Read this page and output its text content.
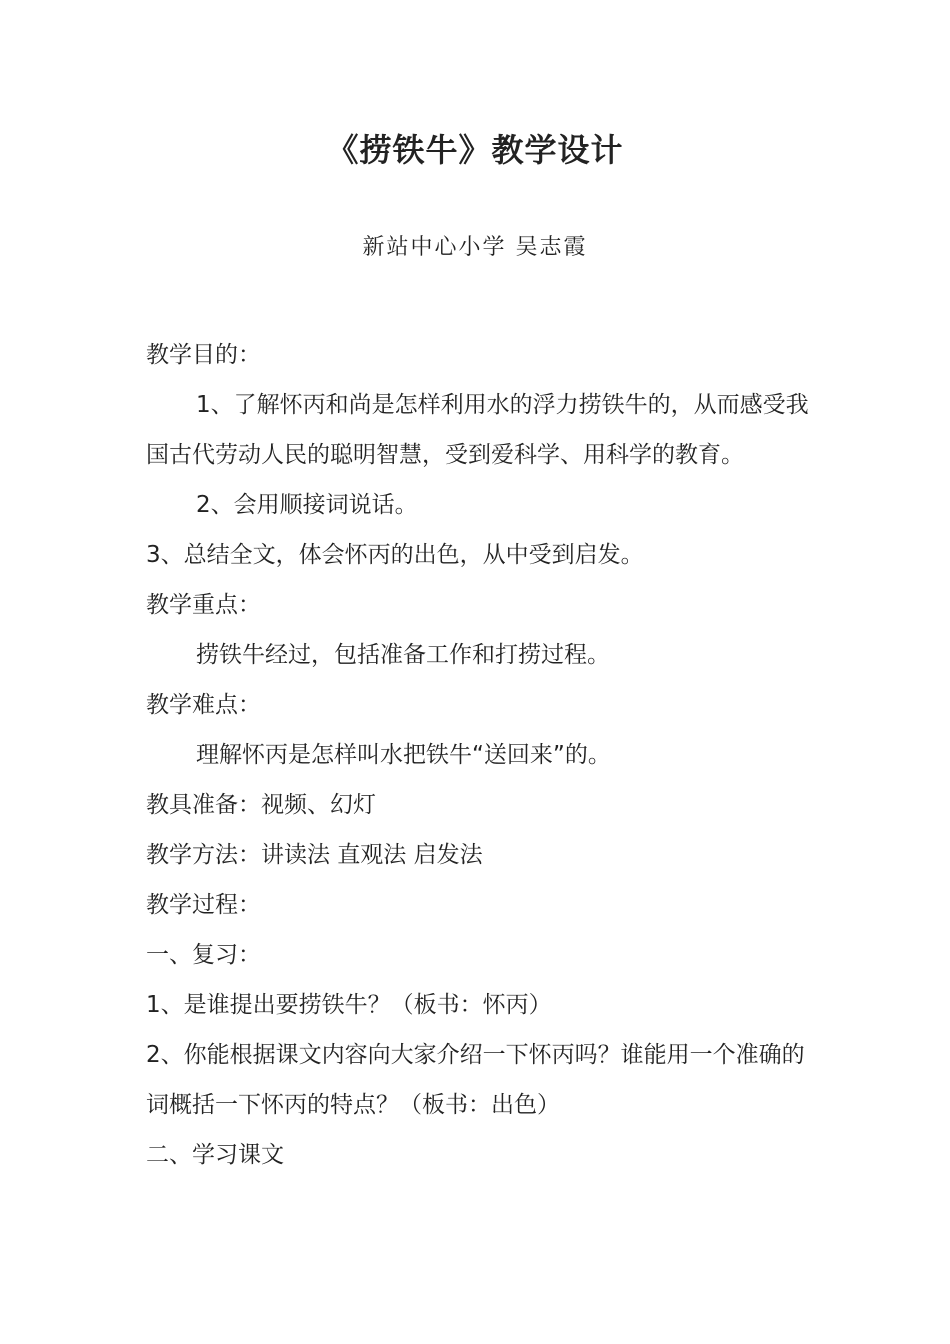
《捞铁牛》教学设计
新站中心小学 吴志霞

教学目的：

1、了解怀丙和尚是怎样利用水的浮力捞铁牛的，从而感受我国古代劳动人民的聪明智慧，受到爱科学、用科学的教育。

2、会用顺接词说话。

3、总结全文，体会怀丙的出色，从中受到启发。

教学重点：

捞铁牛经过，包括准备工作和打捞过程。

教学难点：

理解怀丙是怎样叫水把铁牛“送回来”的。

教具准备：视频、幻灯

教学方法：讲读法 直观法 启发法

教学过程：

一、复习：

1、是谁提出要捞铁牛？（板书：怀丙）

2、你能根据课文内容向大家介绍一下怀丙吗？谁能用一个准确的词概括一下怀丙的特点？（板书：出色）

二、学习课文
